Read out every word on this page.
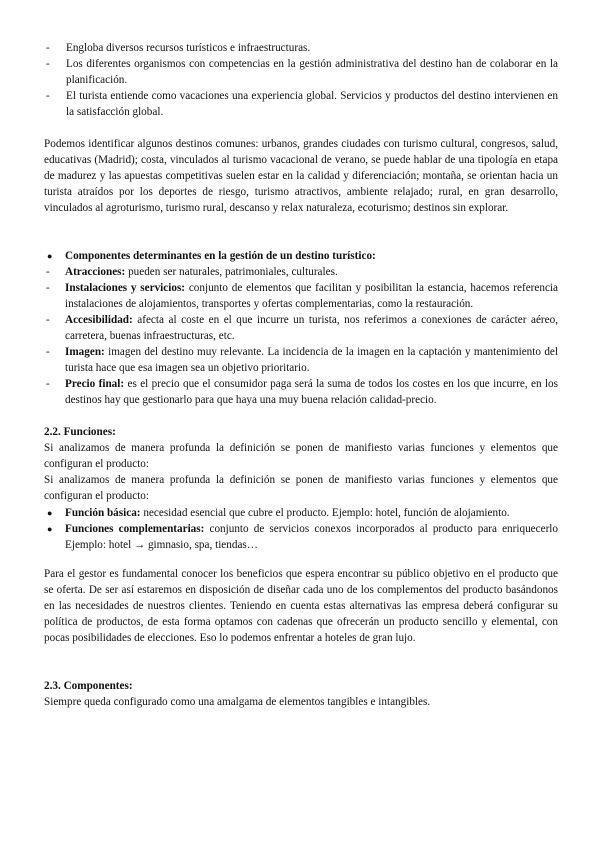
- Engloba diversos recursos turísticos e infraestructuras.
- Los diferentes organismos con competencias en la gestión administrativa del destino han de colaborar en la planificación.
- El turista entiende como vacaciones una experiencia global. Servicios y productos del destino intervienen en la satisfacción global.

Podemos identificar algunos destinos comunes: urbanos, grandes ciudades con turismo cultural, congresos, salud, educativas (Madrid); costa, vinculados al turismo vacacional de verano, se puede hablar de una tipología en etapa de madurez y las apuestas competitivas suelen estar en la calidad y diferenciación; montaña, se orientan hacia un turista atraídos por los deportes de riesgo, turismo atractivos, ambiente relajado; rural, en gran desarrollo, vinculados al agroturismo, turismo rural, descanso y relax naturaleza, ecoturismo; destinos sin explorar.

● Componentes determinantes en la gestión de un destino turístico:
- Atracciones: pueden ser naturales, patrimoniales, culturales.
- Instalaciones y servicios: conjunto de elementos que facilitan y posibilitan la estancia, hacemos referencia instalaciones de alojamientos, transportes y ofertas complementarias, como la restauración.
- Accesibilidad: afecta al coste en el que incurre un turista, nos referimos a conexiones de carácter aéreo, carretera, buenas infraestructuras, etc.
- Imagen: imagen del destino muy relevante. La incidencia de la imagen en la captación y mantenimiento del turista hace que esa imagen sea un objetivo prioritario.
- Precio final: es el precio que el consumidor paga será la suma de todos los costes en los que incurre, en los destinos hay que gestionarlo para que haya una muy buena relación calidad-precio.
2.2. Funciones:

Si analizamos de manera profunda la definición se ponen de manifiesto varias funciones y elementos que configuran el producto:

Si analizamos de manera profunda la definición se ponen de manifiesto varias funciones y elementos que configuran el producto:

● Función básica: necesidad esencial que cubre el producto. Ejemplo: hotel, función de alojamiento.
● Funciones complementarias: conjunto de servicios conexos incorporados al producto para enriquecerlo Ejemplo: hotel → gimnasio, spa, tiendas…

Para el gestor es fundamental conocer los beneficios que espera encontrar su público objetivo en el producto que se oferta. De ser así estaremos en disposición de diseñar cada uno de los complementos del producto basándonos en las necesidades de nuestros clientes. Teniendo en cuenta estas alternativas las empresa deberá configurar su política de productos, de esta forma optamos con cadenas que ofrecerán un producto sencillo y elemental, con pocas posibilidades de elecciones. Eso lo podemos enfrentar a hoteles de gran lujo.

2.3. Componentes:

Siempre queda configurado como una amalgama de elementos tangibles e intangibles.
